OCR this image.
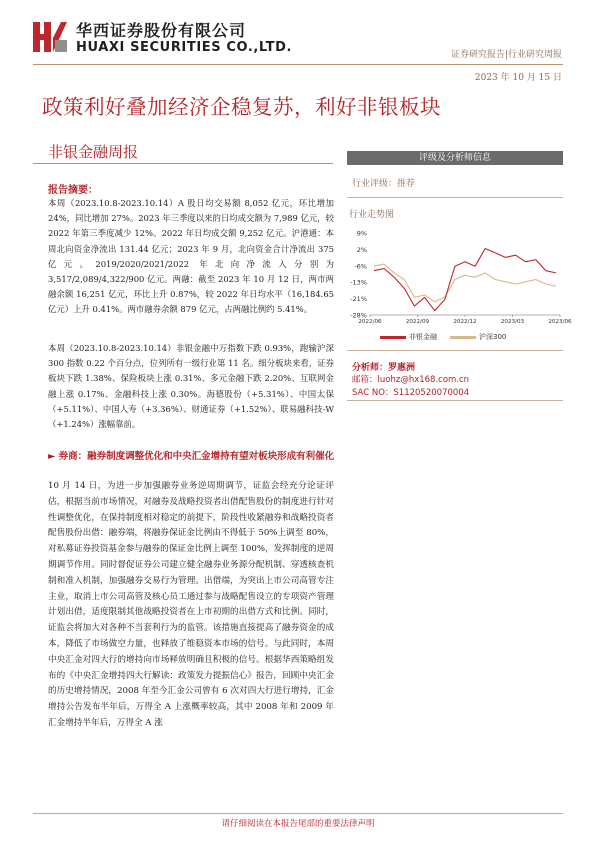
华西证券股份有限公司
HUAXI SECURITIES CO.,LTD.	证券研究报告|行业研究周报
2023 年 10 月 15 日
政策利好叠加经济企稳复苏，利好非银板块
非银金融周报	评级及分析师信息
行业评级：推荐
行业走势图
9%
2%
-6%
-13%
-21%
-28%
2022/06	2022/09	2022/12	2023/03	2023/06
非银金融	沪深300
分析师：罗惠洲
邮箱：luohz@hx168.com.cn
SAC NO：S1120520070004
报告摘要：
本周（2023.10.8-2023.10.14）A 股日均交易额 8,052 亿元，环比增加 24%，同比增加 27%。2023 年三季度以来的日均成交额为 7,989 亿元，较 2022 年第三季度减少 12%。2022 年日均成交额 9,252 亿元。沪港通：本周北向资金净流出 131.44 亿元；2023 年 9 月，北向资金合计净流出 375 亿元。2019/2020/2021/2022 年北向净流入分别为 3,517/2,089/4,322/900 亿元。两融：截至 2023 年 10 月 12 日，两市两融余额 16,251 亿元，环比上升 0.87%，较 2022 年日均水平（16,184.65 亿元）上升 0.41%。两市融券余额 879 亿元，占两融比例约 5.41%。
本周（2023.10.8-2023.10.14）非银金融中万指数下跌 0.93%，跑输沪深 300 指数 0.22 个百分点，位列所有一级行业第 11 名。细分板块来看，证券板块下跌 1.38%、保险板块上涨 0.31%、多元金融下跌 2.20%、互联网金融上涨 0.17%、金融科技上涨 0.30%。海德股份（+5.31%）、中国太保（+5.11%）、中国人寿（+3.36%）、财通证券（+1.52%）、联易融科技-W（+1.24%）涨幅靠前。
► 券商：融券制度调整优化和中央汇金增持有望对板块形成有利催化
10 月 14 日，为进一步加强融券业务逆周期调节，证监会经充分论证评估，根据当前市场情况，对融券及战略投资者出借配售股份的制度进行针对性调整优化，在保持制度相对稳定的前提下，阶段性收紧融券和战略投资者配售股份出借：融券端，将融券保证金比例由不得低于 50%上调至 80%，对私募证券投资基金参与融券的保证金比例上调至 100%，发挥制度的逆周期调节作用。同时督促证券公司建立健全融券业务源分配机制、穿透核查机制和准入机制，加强融券交易行为管理。出借端，为突出上市公司高管专注主业，取消上市公司高管及核心员工通过参与战略配售设立的专项资产管理计划出借，适度限制其他战略投资者在上市初期的出借方式和比例。同时，证监会将加大对各种不当套利行为的监管。该措施直接提高了融券资金的成本，降低了市场做空力量，也释放了维稳资本市场的信号。与此同时，本周中央汇金对四大行的增持向市场释放明确且积极的信号。根据华西策略组发布的《中央汇金增持四大行解读：政策发力提振信心》报告，回顾中央汇金的历史增持情况，2008 年至今汇金公司曾有 6 次对四大行进行增持，汇金增持公告发布半年后，万得全 A 上涨概率较高，其中 2008 年和 2009 年汇金增持半年后，万得全 A 涨
请仔细阅读在本报告尾部的重要法律声明
